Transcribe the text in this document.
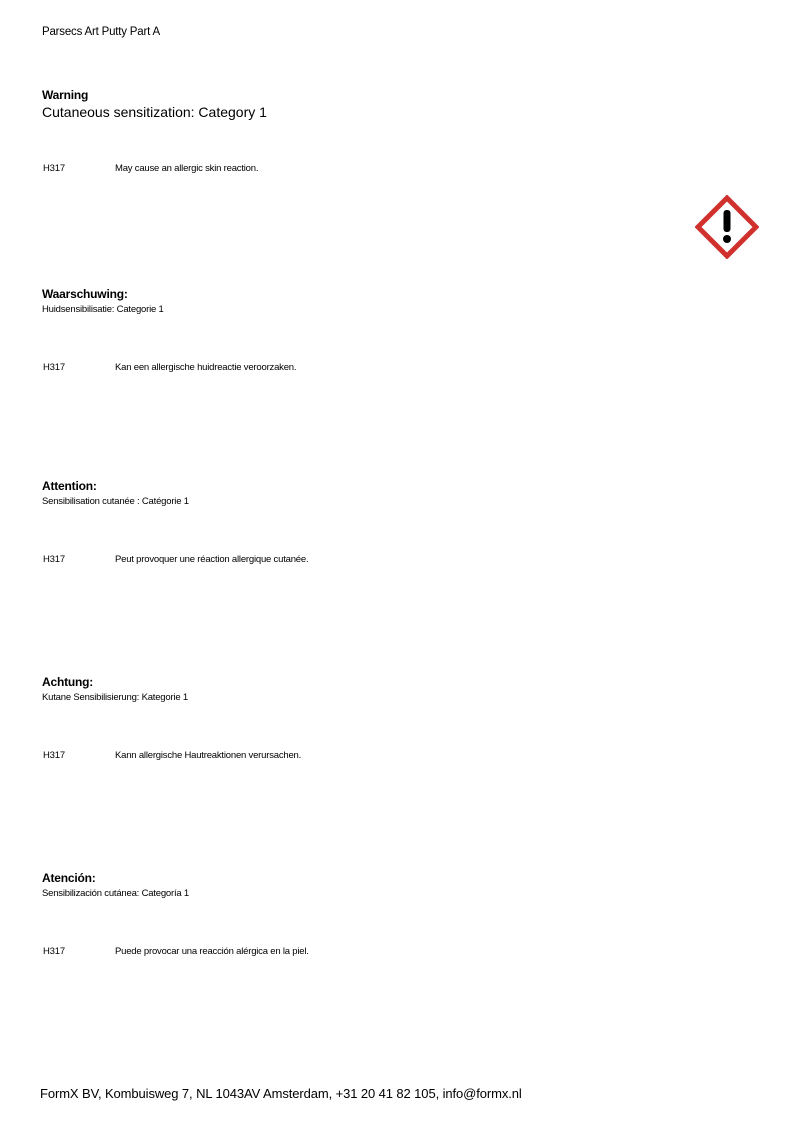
Parsecs Art Putty Part A
Warning
Cutaneous sensitization: Category 1
H317	May cause an allergic skin reaction.
Waarschuwing:
Huidsensibilisatie: Categorie 1
H317	Kan een allergische huidreactie veroorzaken.
Attention:
Sensibilisation cutanée : Catégorie 1
H317	Peut provoquer une réaction allergique cutanée.
Achtung:
Kutane Sensibilisierung: Kategorie 1
H317	Kann allergische Hautreaktionen verursachen.
Atención:
Sensibilización cutánea: Categoría 1
H317	Puede provocar una reacción alérgica en la piel.
FormX BV, Kombuisweg 7, NL 1043AV Amsterdam, +31 20 41 82 105, info@formx.nl
